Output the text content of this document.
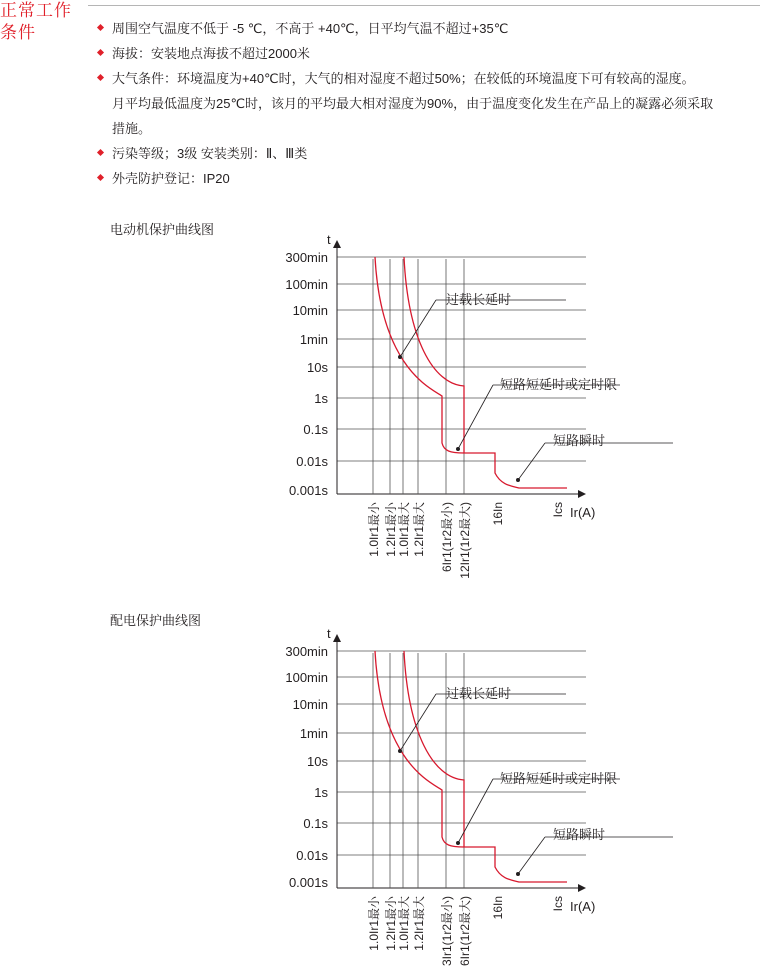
正常工作
条件	周围空气温度不低于 -5 ℃，不高于 +40℃，日平均气温不超过+35℃
海拔：安装地点海拔不超过2000米
大气条件：环境温度为+40℃时，大气的相对湿度不超过50%；在较低的环境温度下可有较高的湿度。
月平均最低温度为25℃时，该月的平均最大相对湿度为90%，由于温度变化发生在产品上的凝露必须采取
措施。
污染等级；3级 安装类别：Ⅱ、Ⅲ类
外壳防护登记：IP20
电动机保护曲线图
300min
100min
10min
1min
10s
1s
0.1s
0.01s
0.001s
t
Ir(A)
1.0Ir1最小 1.2Ir1最小 1.0Ir1最大 1.2Ir1最大 6Ir1(1r2最小) 12Ir1(1r2最大) 16In	Ics
过载长延时
短路短延时或定时限
短路瞬时
配电保护曲线图
300min
100min
10min
1min
10s
1s
0.1s
0.01s
0.001s
t
Ir(A)
1.0Ir1最小 1.2Ir1最小 1.0Ir1最大 1.2Ir1最大 3Ir1(1r2最小) 6Ir1(1r2最大) 16In	Ics
过载长延时
短路短延时或定时限
短路瞬时
